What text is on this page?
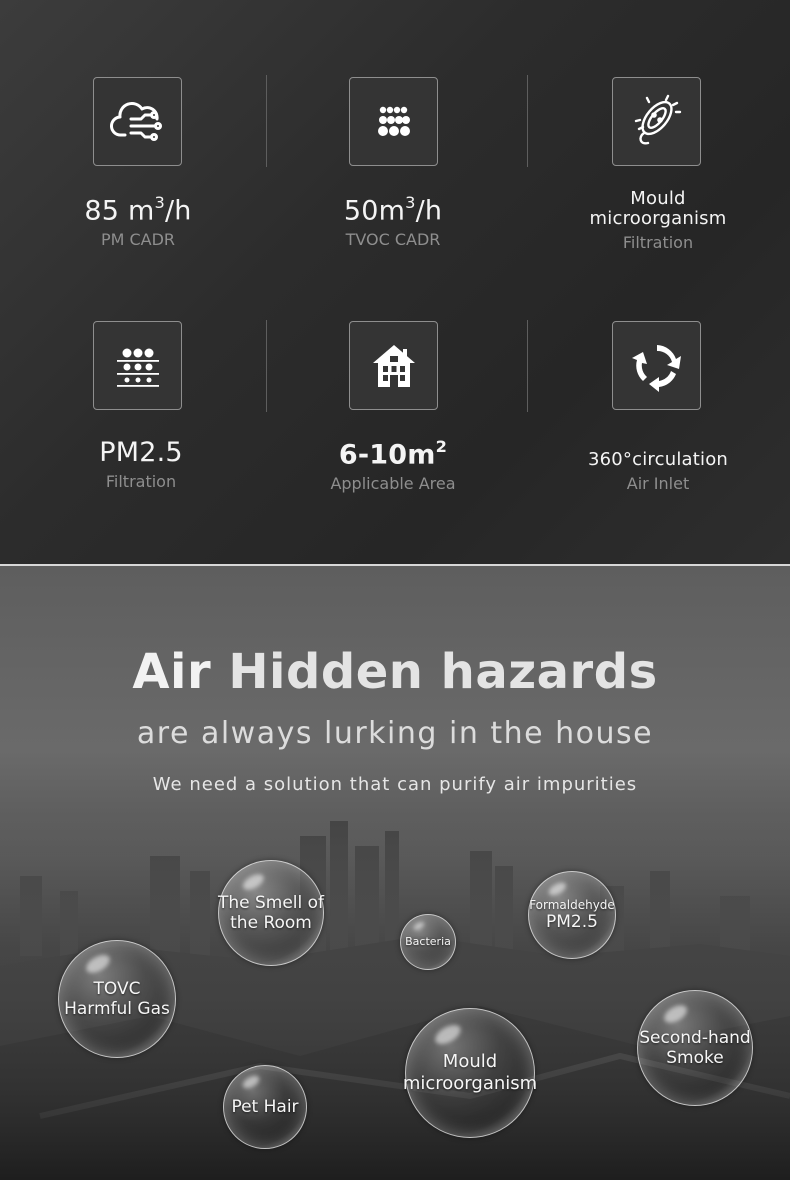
85 $m^3/h$
PM CADR
$50m^3/h$
TVOC CADR
Mould
microorganism
Filtration
PM2.5
Filtration
$6-10m^2$
Applicable Area
360°circulation
Air Inlet
Air Hidden hazards
are always lurking in the house
We need a solution that can purify air impurities
The Smell of
the Room
Bacteria
Formaldehyde
PM2.5
TOVC
Harmful Gas
Mould
microorganism
Second-hand
Smoke
Pet Hair
